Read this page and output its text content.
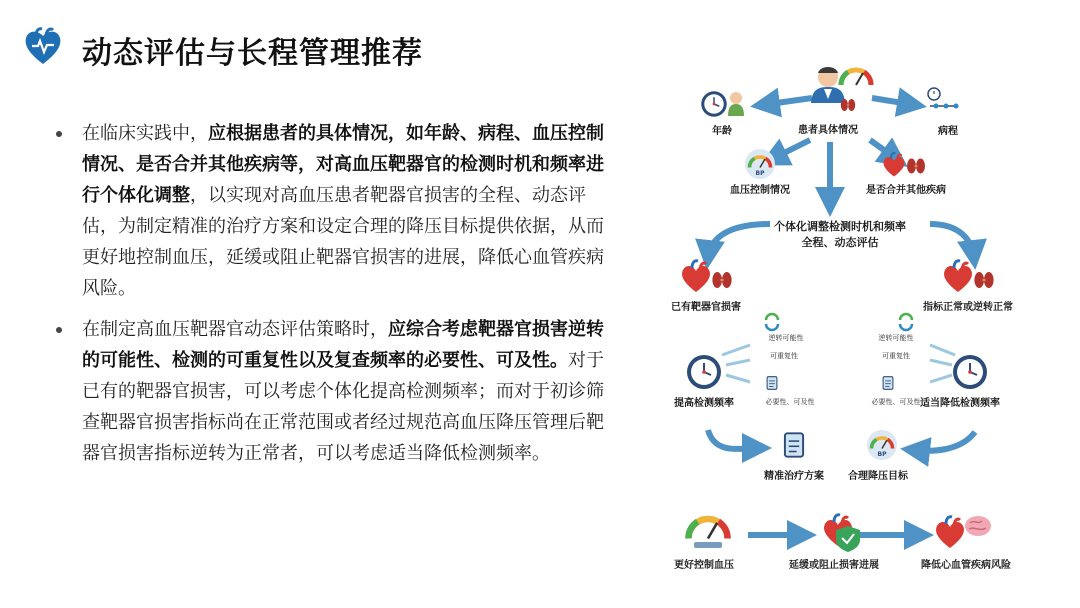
动态评估与长程管理推荐
在临床实践中，应根据患者的具体情况，如年龄、病程、血压控制情况、是否合并其他疾病等，对高血压靶器官的检测时机和频率进行个体化调整，以实现对高血压患者靶器官损害的全程、动态评估，为制定精准的治疗方案和设定合理的降压目标提供依据，从而更好地控制血压，延缓或阻止靶器官损害的进展，降低心血管疾病风险。
在制定高血压靶器官动态评估策略时，应综合考虑靶器官损害逆转的可能性、检测的可重复性以及复查频率的必要性、可及性。对于已有的靶器官损害，可以考虑个体化提高检测频率；而对于初诊筛查靶器官损害指标尚在正常范围或者经过规范高血压降压管理后靶器官损害指标逆转为正常者，可以考虑适当降低检测频率。
患者具体情况
年龄	病程
BP
血压控制情况	是否合并其他疾病
个体化调整检测时机和频率
全程、动态评估
已有靶器官损害	指标正常或逆转正常
逆转可能性
可重复性
必要性、可及性
逆转可能性
可重复性
必要性、可及性
提高检测频率	适当降低检测频率
精准治疗方案
BP
合理降压目标
更好控制血压	延缓或阻止损害进展	降低心血管疾病风险
